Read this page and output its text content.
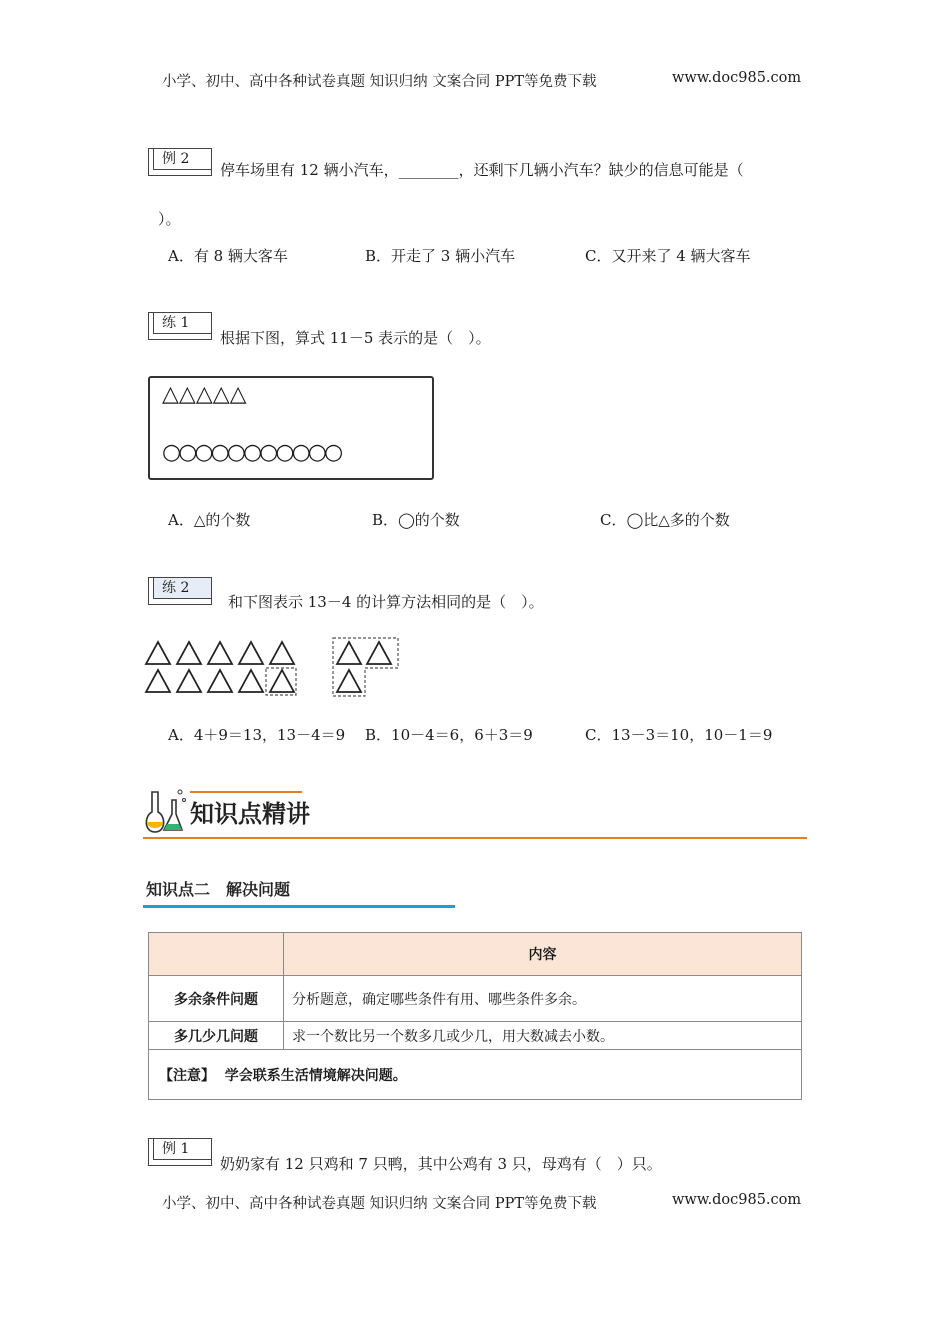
小学、初中、高中各种试卷真题 知识归纳 文案合同 PPT等免费下载	www.doc985.com
例 2
停车场里有 12 辆小汽车，________，还剩下几辆小汽车？缺少的信息可能是（
）。
A．有 8 辆大客车	B．开走了 3 辆小汽车	C．又开来了 4 辆大客车
练 1
根据下图，算式 11－5 表示的是（　）。
△△△△△
○○○○○○○○○○○
A．△的个数	B．◯的个数	C．◯比△多的个数
练 2
和下图表示 13－4 的计算方法相同的是（　）。
A．4＋9＝13，13－4＝9 B．10－4＝6，6＋3＝9	C．13－3＝10，10－1＝9
知识点精讲
知识点二　解决问题
	内容
多余条件问题	分析题意，确定哪些条件有用、哪些条件多余。
多几少几问题	求一个数比另一个数多几或少几，用大数减去小数。
【注意】 学会联系生活情境解决问题。	
例 1
奶奶家有 12 只鸡和 7 只鸭，其中公鸡有 3 只，母鸡有（　）只。
小学、初中、高中各种试卷真题 知识归纳 文案合同 PPT等免费下载	www.doc985.com
